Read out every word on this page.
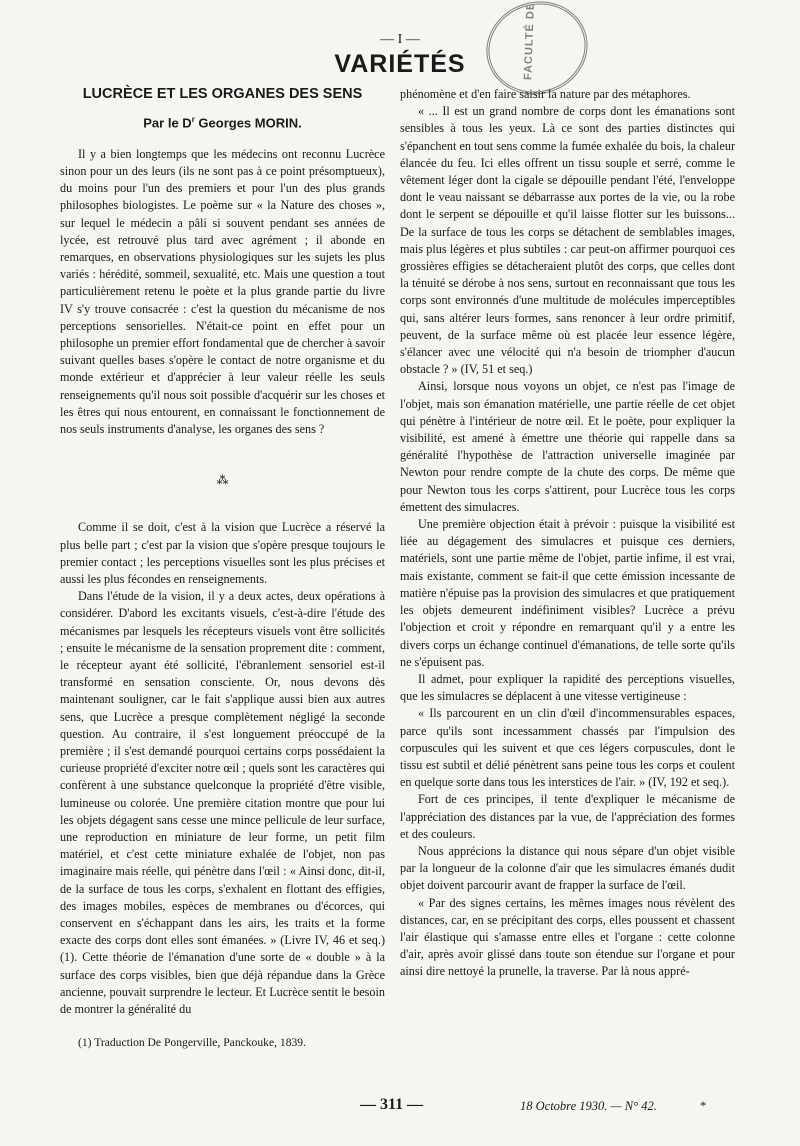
— I —
VARIÉTÉS	FACULTÉ DE
LUCRÈCE ET LES ORGANES DES SENS
Par le $D^r$ Georges MORIN.

Il y a bien longtemps que les médecins ont reconnu Lucrèce sinon pour un des leurs (ils ne sont pas à ce point présomptueux), du moins pour l'un des premiers et pour l'un des plus grands philosophes biologistes. Le poème sur « la Nature des choses », sur lequel le médecin a pâli si souvent pendant ses années de lycée, est retrouvé plus tard avec agrément ; il abonde en remarques, en observations physiologiques sur les sujets les plus variés : hérédité, sommeil, sexualité, etc. Mais une question a tout particulièrement retenu le poète et la plus grande partie du livre IV s'y trouve consacrée : c'est la question du mécanisme de nos perceptions sensorielles. N'était-ce point en effet pour un philosophe un premier effort fondamental que de chercher à savoir suivant quelles bases s'opère le contact de notre organisme et du monde extérieur et d'apprécier à leur valeur réelle les seuls renseignements qu'il nous soit possible d'acquérir sur les choses et les êtres qui nous entourent, en connaissant le fonctionnement de nos seuls instruments d'analyse, les organes des sens ?

⁂

Comme il se doit, c'est à la vision que Lucrèce a réservé la plus belle part ; c'est par la vision que s'opère presque toujours le premier contact ; les perceptions visuelles sont les plus précises et aussi les plus fécondes en renseignements.

Dans l'étude de la vision, il y a deux actes, deux opérations à considérer. D'abord les excitants visuels, c'est-à-dire l'étude des mécanismes par lesquels les récepteurs visuels vont être sollicités ; ensuite le mécanisme de la sensation proprement dite : comment, le récepteur ayant été sollicité, l'ébranlement sensoriel est-il transformé en sensation consciente. Or, nous devons dès maintenant souligner, car le fait s'applique aussi bien aux autres sens, que Lucrèce a presque complètement négligé la seconde question. Au contraire, il s'est longuement préoccupé de la première ; il s'est demandé pourquoi certains corps possédaient la curieuse propriété d'exciter notre œil ; quels sont les caractères qui confèrent à une substance quelconque la propriété d'être visible, lumineuse ou colorée. Une première citation montre que pour lui les objets dégagent sans cesse une mince pellicule de leur surface, une reproduction en miniature de leur forme, un petit film matériel, et c'est cette miniature exhalée de l'objet, non pas imaginaire mais réelle, qui pénètre dans l'œil : « Ainsi donc, dit-il, de la surface de tous les corps, s'exhalent en flottant des effigies, des images mobiles, espèces de membranes ou d'écorces, qui conservent en s'échappant dans les airs, les traits et la forme exacte des corps dont elles sont émanées. » (Livre IV, 46 et seq.) (1). Cette théorie de l'émanation d'une sorte de « double » à la surface des corps visibles, bien que déjà répandue dans la Grèce ancienne, pouvait surprendre le lecteur. Et Lucrèce sentit le besoin de montrer la généralité du

(1) Traduction De Pongerville, Panckouke, 1839.

phénomène et d'en faire saisir la nature par des métaphores.

« ... Il est un grand nombre de corps dont les émanations sont sensibles à tous les yeux. Là ce sont des parties distinctes qui s'épanchent en tout sens comme la fumée exhalée du bois, la chaleur élancée du feu. Ici elles offrent un tissu souple et serré, comme le vêtement léger dont la cigale se dépouille pendant l'été, l'enveloppe dont le veau naissant se débarrasse aux portes de la vie, ou la robe dont le serpent se dépouille et qu'il laisse flotter sur les buissons... De la surface de tous les corps se détachent de semblables images, mais plus légères et plus subtiles : car peut-on affirmer pourquoi ces grossières effigies se détacheraient plutôt des corps, que celles dont la ténuité se dérobe à nos sens, surtout en reconnaissant que tous les corps sont environnés d'une multitude de molécules imperceptibles qui, sans altérer leurs formes, sans renoncer à leur ordre primitif, peuvent, de la surface même où est placée leur essence légère, s'élancer avec une vélocité qui n'a besoin de triompher d'aucun obstacle ? » (IV, 51 et seq.)

Ainsi, lorsque nous voyons un objet, ce n'est pas l'image de l'objet, mais son émanation matérielle, une partie réelle de cet objet qui pénètre à l'intérieur de notre œil. Et le poète, pour expliquer la visibilité, est amené à émettre une théorie qui rappelle dans sa généralité l'hypothèse de l'attraction universelle imaginée par Newton pour rendre compte de la chute des corps. De même que pour Newton tous les corps s'attirent, pour Lucrèce tous les corps émettent des simulacres.

Une première objection était à prévoir : puisque la visibilité est liée au dégagement des simulacres et puisque ces derniers, matériels, sont une partie même de l'objet, partie infime, il est vrai, mais existante, comment se fait-il que cette émission incessante de matière n'épuise pas la provision des simulacres et que pratiquement les objets demeurent indéfiniment visibles? Lucrèce a prévu l'objection et croit y répondre en remarquant qu'il y a entre les divers corps un échange continuel d'émanations, de telle sorte qu'ils ne s'épuisent pas.

Il admet, pour expliquer la rapidité des perceptions visuelles, que les simulacres se déplacent à une vitesse vertigineuse :

« Ils parcourent en un clin d'œil d'incommensurables espaces, parce qu'ils sont incessamment chassés par l'impulsion des corpuscules qui les suivent et que ces légers corpuscules, dont le tissu est subtil et délié pénètrent sans peine tous les corps et coulent en quelque sorte dans tous les interstices de l'air. » (IV, 192 et seq.).

Fort de ces principes, il tente d'expliquer le mécanisme de l'appréciation des distances par la vue, de l'appréciation des formes et des couleurs.

Nous apprécions la distance qui nous sépare d'un objet visible par la longueur de la colonne d'air que les simulacres émanés dudit objet doivent parcourir avant de frapper la surface de l'œil.

« Par des signes certains, les mêmes images nous révèlent des distances, car, en se précipitant des corps, elles poussent et chassent l'air élastique qui s'amasse entre elles et l'organe : cette colonne d'air, après avoir glissé dans toute son étendue sur l'organe et pour ainsi dire nettoyé la prunelle, la traverse. Par là nous appré-

— 311 —	18 Octobre 1930. — N° 42.	*
